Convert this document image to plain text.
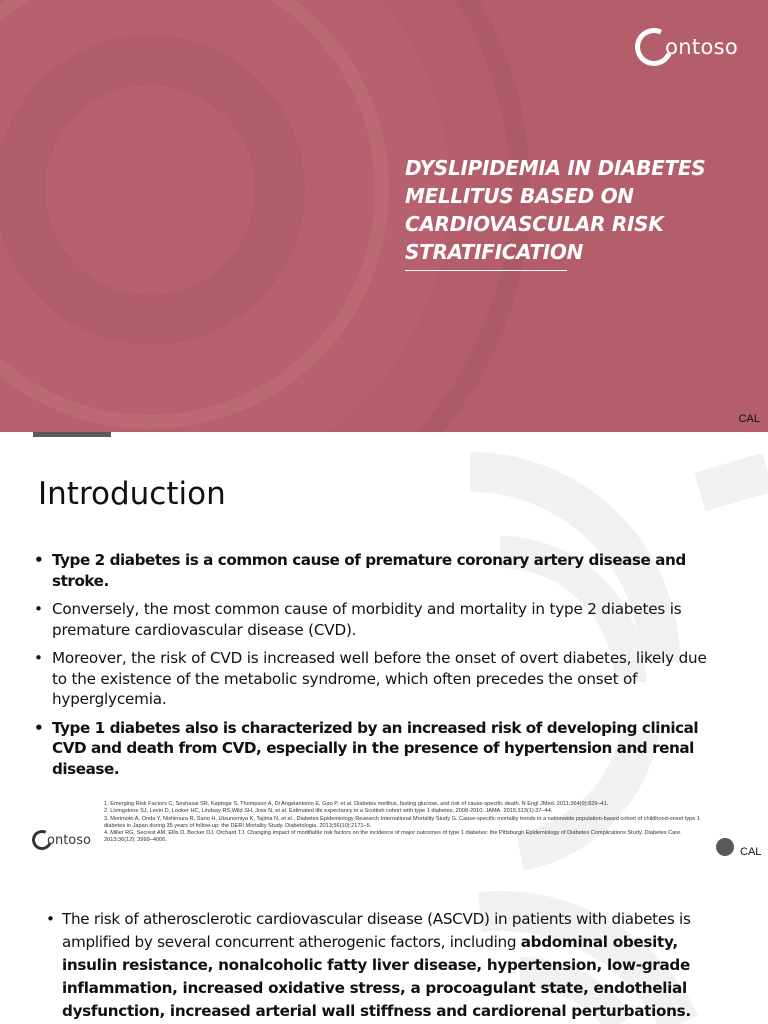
ontoso
DYSLIPIDEMIA IN DIABETES MELLITUS BASED ON CARDIOVASCULAR RISK STRATIFICATION
CAL
Introduction
• Type 2 diabetes is a common cause of premature coronary artery disease and stroke.
• Conversely, the most common cause of morbidity and mortality in type 2 diabetes is premature cardiovascular disease (CVD).
• Moreover, the risk of CVD is increased well before the onset of overt diabetes, likely due to the existence of the metabolic syndrome, which often precedes the onset of hyperglycemia.
• Type 1 diabetes also is characterized by an increased risk of developing clinical CVD and death from CVD, especially in the presence of hypertension and renal disease.
1. Emerging Risk Factors C, Seshasai SR, Kaptoge S, Thompson A, Di Angelantonio E, Gao P, et al. Diabetes mellitus, fasting glucose, and risk of cause-specific death. N Engl JMed. 2011;364(9):829–41.
2. Livingstone SJ, Levin D, Looker HC, Lindsay RS,Wild SH, Joss N, et al. Estimated life expectancy in a Scottish cohort with type 1 diabetes, 2008-2010. JAMA. 2015;313(1):37–44.
3. Morimoto A, Onda Y, Nishimura R, Sano H, Utsunomiya K, Tajima N, et al., Diabetes Epidemiology Research International Mortality Study G. Cause-specific mortality trends in a nationwide population-based cohort of childhood-onset type 1 diabetes in Japan during 35 years of follow-up: the DERI Mortality Study. Diabetologia. 2013;56(10):2171–5.
4. Miller RG, Secrest AM, Ellis D, Becker DJ, Orchard TJ. Changing impact of modifiable risk factors on the incidence of major outcomes of type 1 diabetes: the Pittsburgh Epidemiology of Diabetes Complications Study. Diabetes Care. 2013;36(12): 3999–4006.
ontoso
CAL
• The risk of atherosclerotic cardiovascular disease (ASCVD) in patients with diabetes is amplified by several concurrent atherogenic factors, including abdominal obesity, insulin resistance, nonalcoholic fatty liver disease, hypertension, low-grade inflammation, increased oxidative stress, a procoagulant state, endothelial dysfunction, increased arterial wall stiffness and cardiorenal perturbations.
